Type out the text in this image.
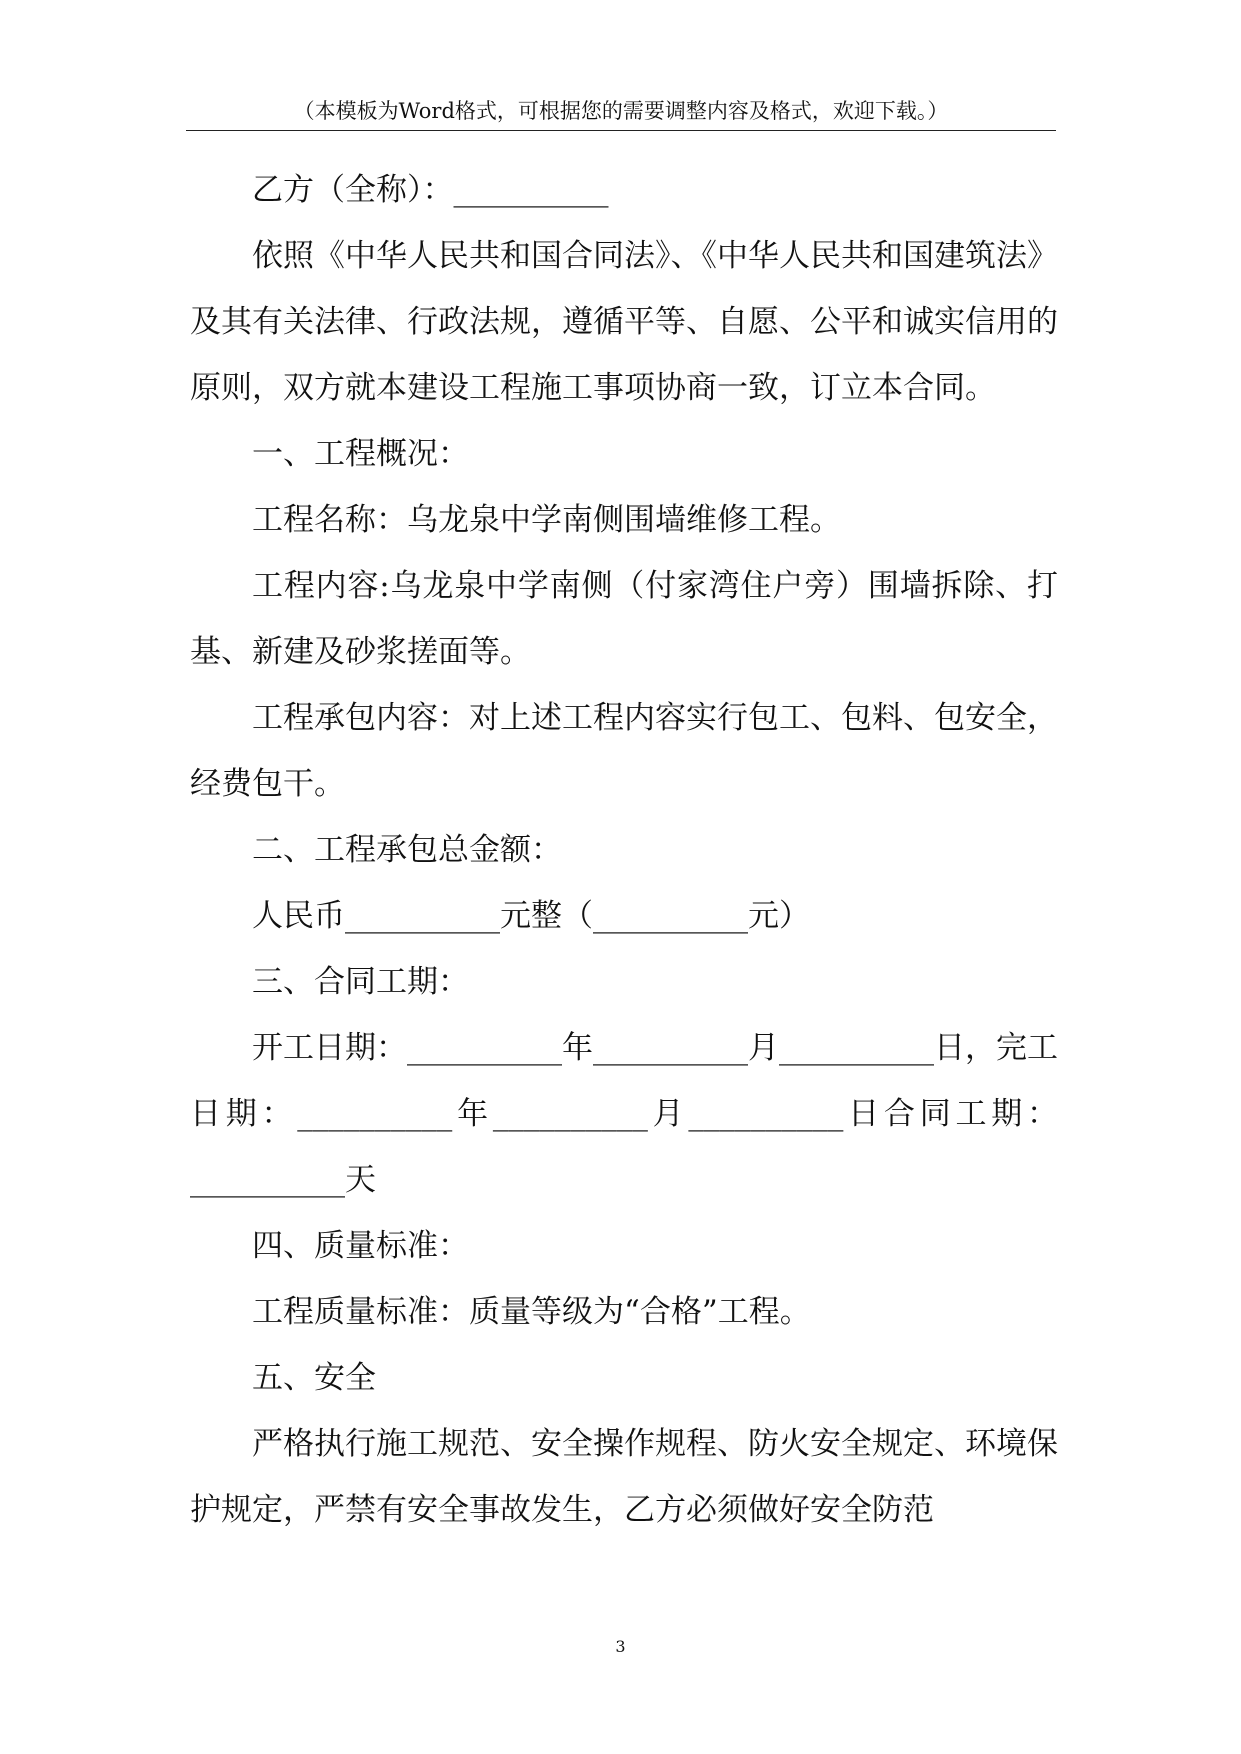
（本模板为Word格式，可根据您的需要调整内容及格式，欢迎下载。）

乙方（全称）：__________

依照《中华人民共和国合同法》、《中华人民共和国建筑法》及其有关法律、行政法规，遵循平等、自愿、公平和诚实信用的原则，双方就本建设工程施工事项协商一致，订立本合同。

一、工程概况：

工程名称：乌龙泉中学南侧围墙维修工程。

工程内容:乌龙泉中学南侧（付家湾住户旁）围墙拆除、打基、新建及砂浆搓面等。

工程承包内容：对上述工程内容实行包工、包料、包安全，经费包干。

二、工程承包总金额：

人民币__________元整（__________元）

三、合同工期：

开工日期：__________年__________月__________日，完工日期：__________年__________月__________日合同工期：__________天

四、质量标准：

工程质量标准：质量等级为“合格”工程。

五、安全

严格执行施工规范、安全操作规程、防火安全规定、环境保护规定，严禁有安全事故发生，乙方必须做好安全防范

3
